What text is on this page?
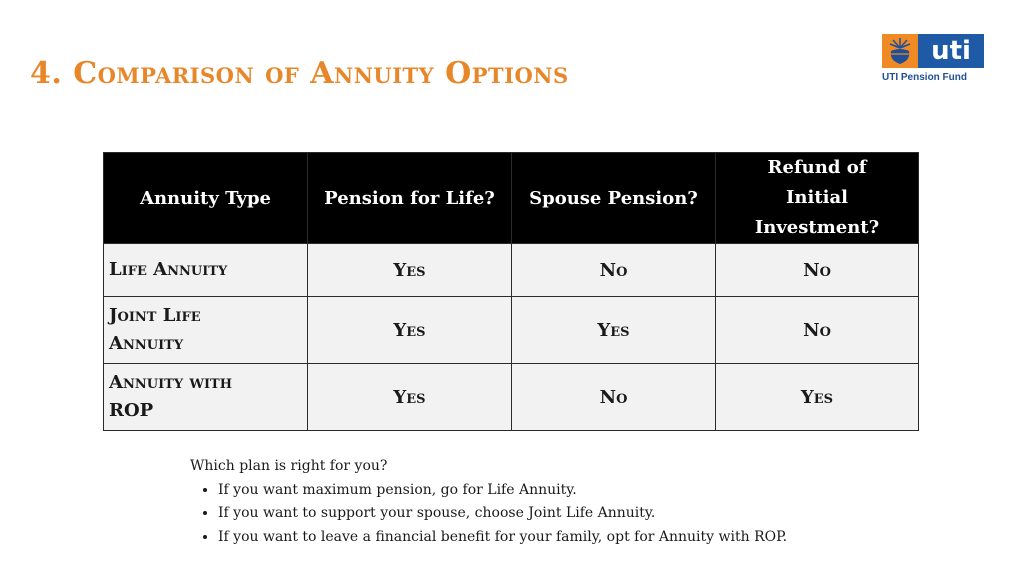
4. Comparison of Annuity Options
uti
UTI Pension Fund
Annuity Type	Pension for Life?	Spouse Pension?	Refund of Initial Investment?

Life Annuity	Yes	No	No

Joint Life Annuity	Yes	Yes	No

Annuity with ROP	Yes	No	Yes
Which plan is right for you?
• If you want maximum pension, go for Life Annuity.
• If you want to support your spouse, choose Joint Life Annuity.
• If you want to leave a financial benefit for your family, opt for Annuity with ROP.
